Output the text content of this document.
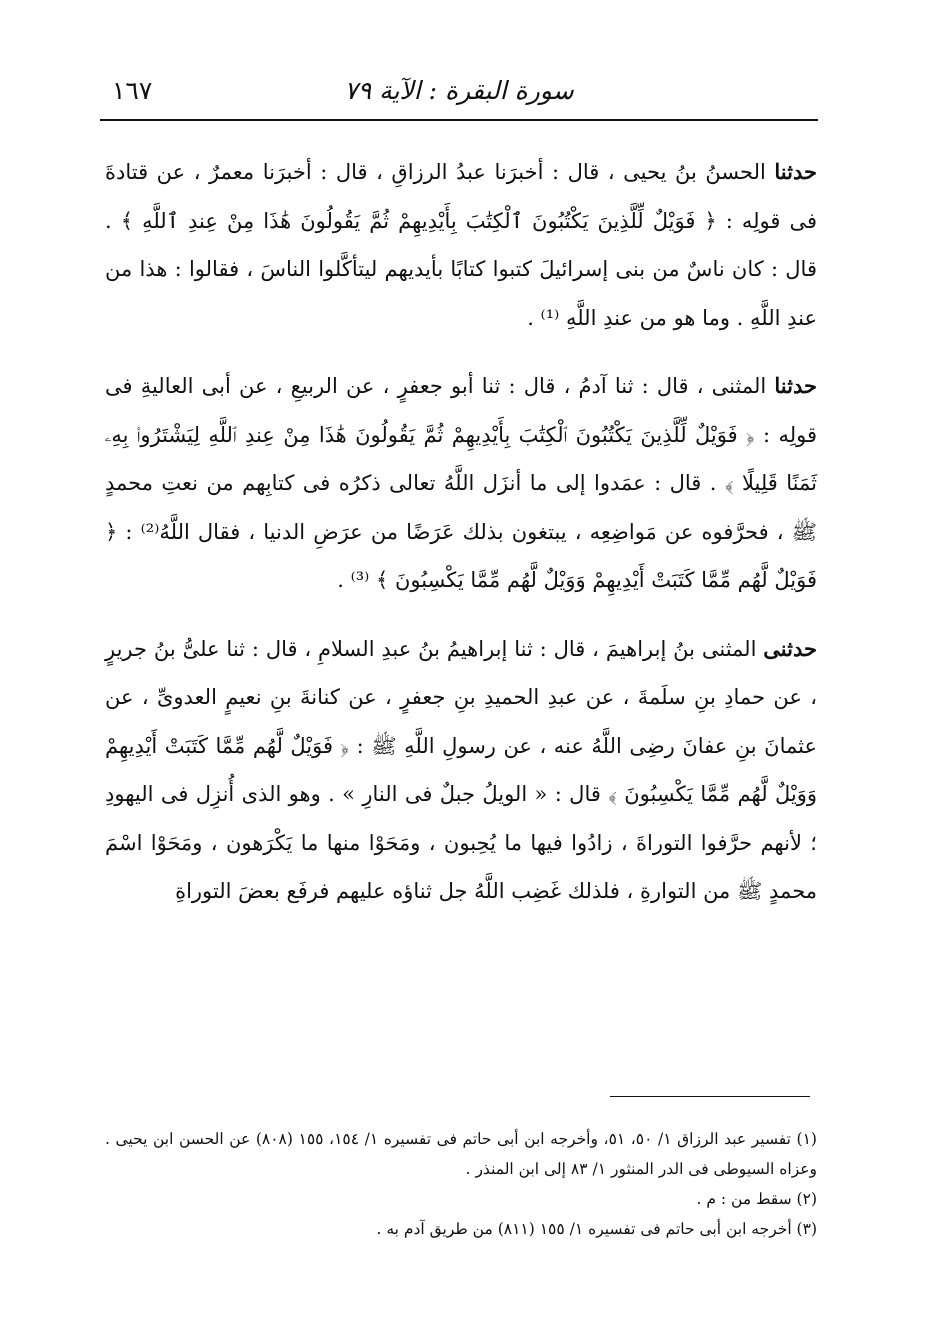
١٦٧	سورة البقرة : الآية ٧٩

حدثنا الحسنُ بنُ يحيى ، قال : أخبرَنا عبدُ الرزاقِ ، قال : أخبرَنا معمرٌ ، عن قتادةَ فى قولِه : ﴿ فَوَيْلٌ لِّلَّذِينَ يَكْتُبُونَ ٱلْكِتَٰبَ بِأَيْدِيهِمْ ثُمَّ يَقُولُونَ هَٰذَا مِنْ عِندِ ٱللَّهِ ﴾ . قال : كان ناسٌ من بنى إسرائيلَ كتبوا كتابًا بأيديهم ليتأكَّلوا الناسَ ، فقالوا : هذا من عندِ اللَّهِ . وما هو من عندِ اللَّهِ ⁽¹⁾ .

حدثنا المثنى ، قال : ثنا آدمُ ، قال : ثنا أبو جعفرٍ ، عن الربيعِ ، عن أبى العاليةِ فى قولِه : ﴿ فَوَيْلٌ لِّلَّذِينَ يَكْتُبُونَ ٱلْكِتَٰبَ بِأَيْدِيهِمْ ثُمَّ يَقُولُونَ هَٰذَا مِنْ عِندِ ٱللَّهِ لِيَشْتَرُوا۟ بِهِۦ ثَمَنًا قَلِيلًا ﴾ . قال : عمَدوا إلى ما أنزَل اللَّهُ تعالى ذكرُه فى كتابِهم من نعتِ محمدٍ ﷺ ، فحرَّفوه عن مَواضِعِه ، يبتغون بذلك عَرَضًا من عرَضِ الدنيا ، فقال اللَّهُ⁽²⁾ : ﴿ فَوَيْلٌ لَّهُم مِّمَّا كَتَبَتْ أَيْدِيهِمْ وَوَيْلٌ لَّهُم مِّمَّا يَكْسِبُونَ ﴾ ⁽³⁾ .

حدثنى المثنى بنُ إبراهيمَ ، قال : ثنا إبراهيمُ بنُ عبدِ السلامِ ، قال : ثنا علىُّ بنُ جريرٍ ، عن حمادِ بنِ سلَمةَ ، عن عبدِ الحميدِ بنِ جعفرٍ ، عن كنانةَ بنِ نعيمٍ العدوىِّ ، عن عثمانَ بنِ عفانَ رضِى اللَّهُ عنه ، عن رسولِ اللَّهِ ﷺ : ﴿ فَوَيْلٌ لَّهُم مِّمَّا كَتَبَتْ أَيْدِيهِمْ وَوَيْلٌ لَّهُم مِّمَّا يَكْسِبُونَ ﴾ قال : « الويلُ جبلٌ فى النارِ » . وهو الذى أُنزِل فى اليهودِ ؛ لأنهم حرَّفوا التوراةَ ، زادُوا فيها ما يُحِبون ، ومَحَوْا منها ما يَكْرَهون ، ومَحَوْا اسْمَ محمدٍ ﷺ من التوارةِ ، فلذلك غَضِب اللَّهُ جل ثناؤه عليهم فرفَع بعضَ التوراةِ

(١) تفسير عبد الرزاق ١/ ٥٠، ٥١، وأخرجه ابن أبى حاتم فى تفسيره ١/ ١٥٤، ١٥٥ (٨٠٨) عن الحسن ابن يحيى . وعزاه السيوطى فى الدر المنثور ١/ ٨٣ إلى ابن المنذر .

(٢) سقط من : م .

(٣) أخرجه ابن أبى حاتم فى تفسيره ١/ ١٥٥ (٨١١) من طريق آدم به .
